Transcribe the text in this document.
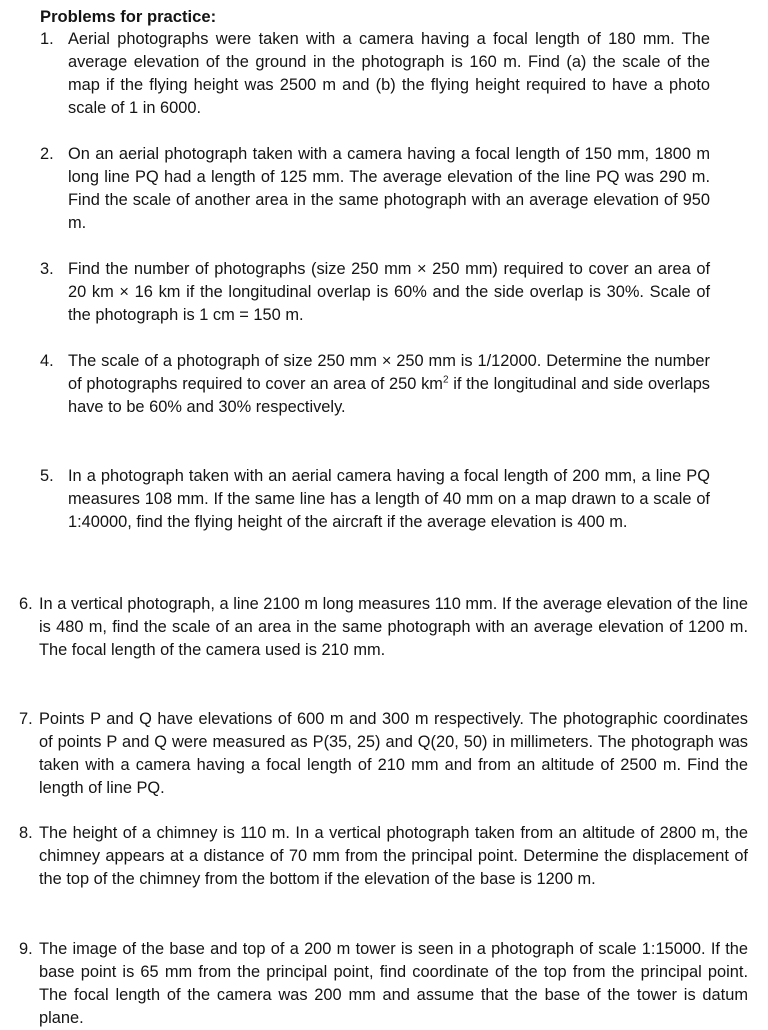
Problems for practice:
1. Aerial photographs were taken with a camera having a focal length of 180 mm. The average elevation of the ground in the photograph is 160 m. Find (a) the scale of the map if the flying height was 2500 m and (b) the flying height required to have a photo scale of 1 in 6000.
2. On an aerial photograph taken with a camera having a focal length of 150 mm, 1800 m long line PQ had a length of 125 mm. The average elevation of the line PQ was 290 m. Find the scale of another area in the same photograph with an average elevation of 950 m.
3. Find the number of photographs (size 250 mm × 250 mm) required to cover an area of 20 km × 16 km if the longitudinal overlap is 60% and the side overlap is 30%. Scale of the photograph is 1 cm = 150 m.
4. The scale of a photograph of size 250 mm × 250 mm is 1/12000. Determine the number of photographs required to cover an area of 250 $km^2$ if the longitudinal and side overlaps have to be 60% and 30% respectively.
5. In a photograph taken with an aerial camera having a focal length of 200 mm, a line PQ measures 108 mm. If the same line has a length of 40 mm on a map drawn to a scale of 1:40000, find the flying height of the aircraft if the average elevation is 400 m.
6. In a vertical photograph, a line 2100 m long measures 110 mm. If the average elevation of the line   is 480 m, find the scale of an area in the same photograph with an average elevation of 1200 m. The focal length of the camera used is 210 mm.
7. Points P and Q have elevations of 600 m and 300 m respectively. The photographic coordinates of points P and Q were measured as P(35, 25) and Q(20, 50) in millimeters. The photograph was taken with a camera having a focal length of 210 mm and from an altitude of 2500 m. Find the length of line PQ.
8. The height of a chimney is 110 m. In a vertical photograph taken from an altitude of 2800 m, the chimney appears at a distance of 70 mm from the principal point. Determine the displacement of the top of the chimney from the bottom if the elevation of the base is 1200 m.
9. The image of the base and top of a 200 m tower is seen in a photograph of scale 1:15000. If the base point is 65 mm from the principal point, find coordinate of the top from the principal point. The focal length of the camera was 200 mm and assume that the base of the tower is datum plane.
